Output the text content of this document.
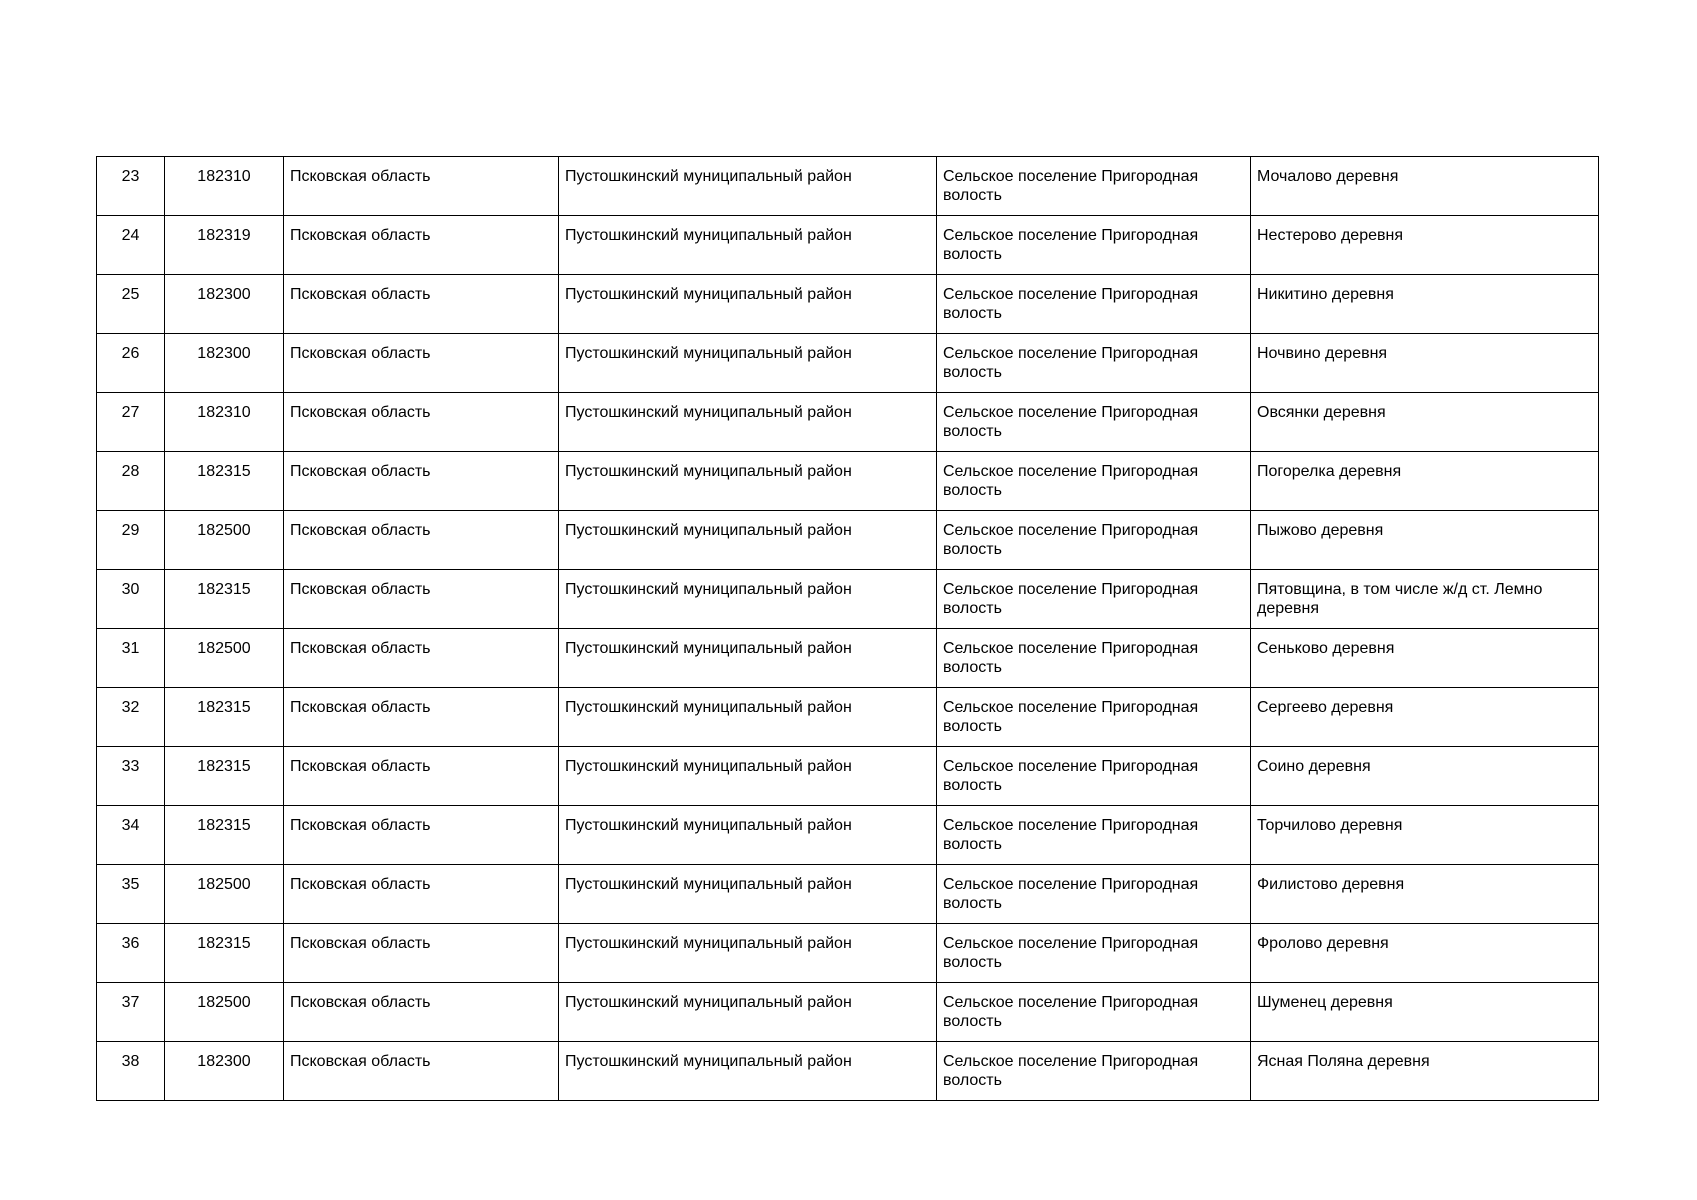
23	182310	Псковская область	Пустошкинский муниципальный район	Сельское поселение Пригородная волость	Мочалово деревня
24	182319	Псковская область	Пустошкинский муниципальный район	Сельское поселение Пригородная волость	Нестерово деревня
25	182300	Псковская область	Пустошкинский муниципальный район	Сельское поселение Пригородная волость	Никитино деревня
26	182300	Псковская область	Пустошкинский муниципальный район	Сельское поселение Пригородная волость	Ночвино деревня
27	182310	Псковская область	Пустошкинский муниципальный район	Сельское поселение Пригородная волость	Овсянки деревня
28	182315	Псковская область	Пустошкинский муниципальный район	Сельское поселение Пригородная волость	Погорелка деревня
29	182500	Псковская область	Пустошкинский муниципальный район	Сельское поселение Пригородная волость	Пыжово деревня
30	182315	Псковская область	Пустошкинский муниципальный район	Сельское поселение Пригородная волость	Пятовщина, в том числе ж/д ст. Лемно деревня
31	182500	Псковская область	Пустошкинский муниципальный район	Сельское поселение Пригородная волость	Сеньково деревня
32	182315	Псковская область	Пустошкинский муниципальный район	Сельское поселение Пригородная волость	Сергеево деревня
33	182315	Псковская область	Пустошкинский муниципальный район	Сельское поселение Пригородная волость	Соино деревня
34	182315	Псковская область	Пустошкинский муниципальный район	Сельское поселение Пригородная волость	Торчилово деревня
35	182500	Псковская область	Пустошкинский муниципальный район	Сельское поселение Пригородная волость	Филистово деревня
36	182315	Псковская область	Пустошкинский муниципальный район	Сельское поселение Пригородная волость	Фролово деревня
37	182500	Псковская область	Пустошкинский муниципальный район	Сельское поселение Пригородная волость	Шуменец деревня
38	182300	Псковская область	Пустошкинский муниципальный район	Сельское поселение Пригородная волость	Ясная Поляна деревня
